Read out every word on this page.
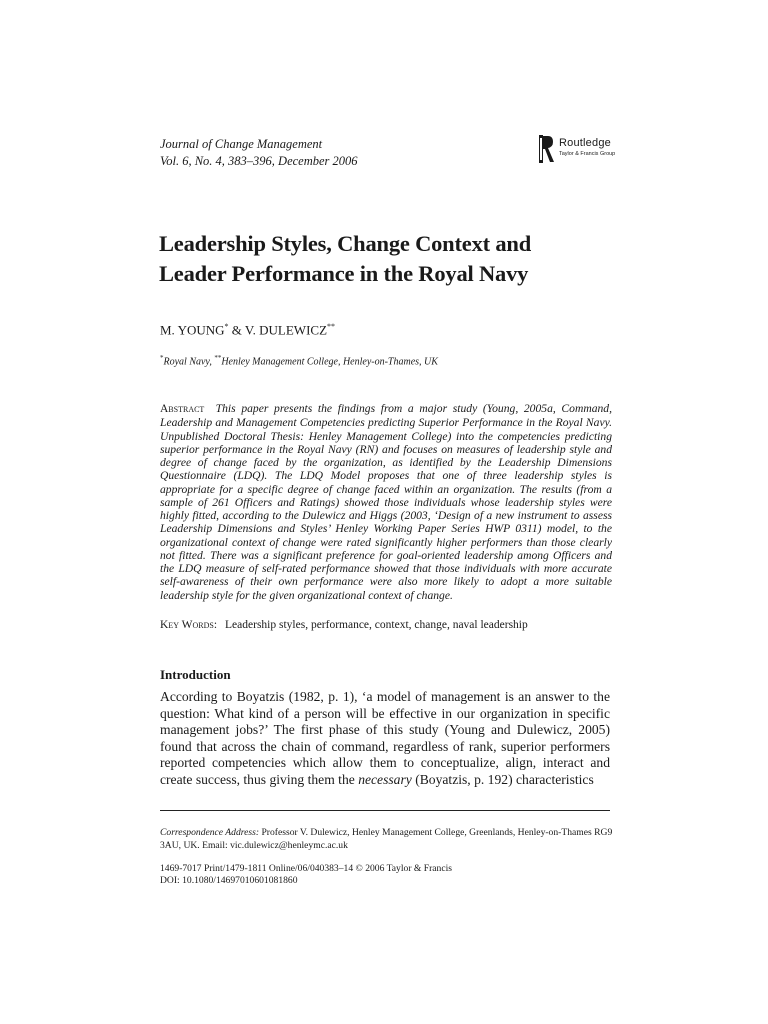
Journal of Change Management
Vol. 6, No. 4, 383–396, December 2006
Routledge
Taylor & Francis Group
Leadership Styles, Change Context and
Leader Performance in the Royal Navy
M. YOUNG* & V. DULEWICZ**
*Royal Navy, **Henley Management College, Henley-on-Thames, UK
Abstract This paper presents the findings from a major study (Young, 2005a, Command, Leadership and Management Competencies predicting Superior Performance in the Royal Navy. Unpublished Doctoral Thesis: Henley Management College) into the competencies predicting superior performance in the Royal Navy (RN) and focuses on measures of leadership style and degree of change faced by the organization, as identified by the Leadership Dimensions Questionnaire (LDQ). The LDQ Model proposes that one of three leadership styles is appropriate for a specific degree of change faced within an organization. The results (from a sample of 261 Officers and Ratings) showed those individuals whose leadership styles were highly fitted, according to the Dulewicz and Higgs (2003, ‘Design of a new instrument to assess Leadership Dimensions and Styles’ Henley Working Paper Series HWP 0311) model, to the organizational context of change were rated significantly higher performers than those clearly not fitted. There was a significant preference for goal-oriented leadership among Officers and the LDQ measure of self-rated performance showed that those individuals with more accurate self-awareness of their own performance were also more likely to adopt a more suitable leadership style for the given organizational context of change.
Key Words: Leadership styles, performance, context, change, naval leadership
Introduction
According to Boyatzis (1982, p. 1), ‘a model of management is an answer to the question: What kind of a person will be effective in our organization in specific management jobs?’ The first phase of this study (Young and Dulewicz, 2005) found that across the chain of command, regardless of rank, superior performers reported competencies which allow them to conceptualize, align, interact and create success, thus giving them the necessary (Boyatzis, p. 192) characteristics
Correspondence Address: Professor V. Dulewicz, Henley Management College, Greenlands, Henley-on-Thames RG9 3AU, UK. Email: vic.dulewicz@henleymc.ac.uk
1469-7017 Print/1479-1811 Online/06/040383–14 © 2006 Taylor & Francis
DOI: 10.1080/14697010601081860
